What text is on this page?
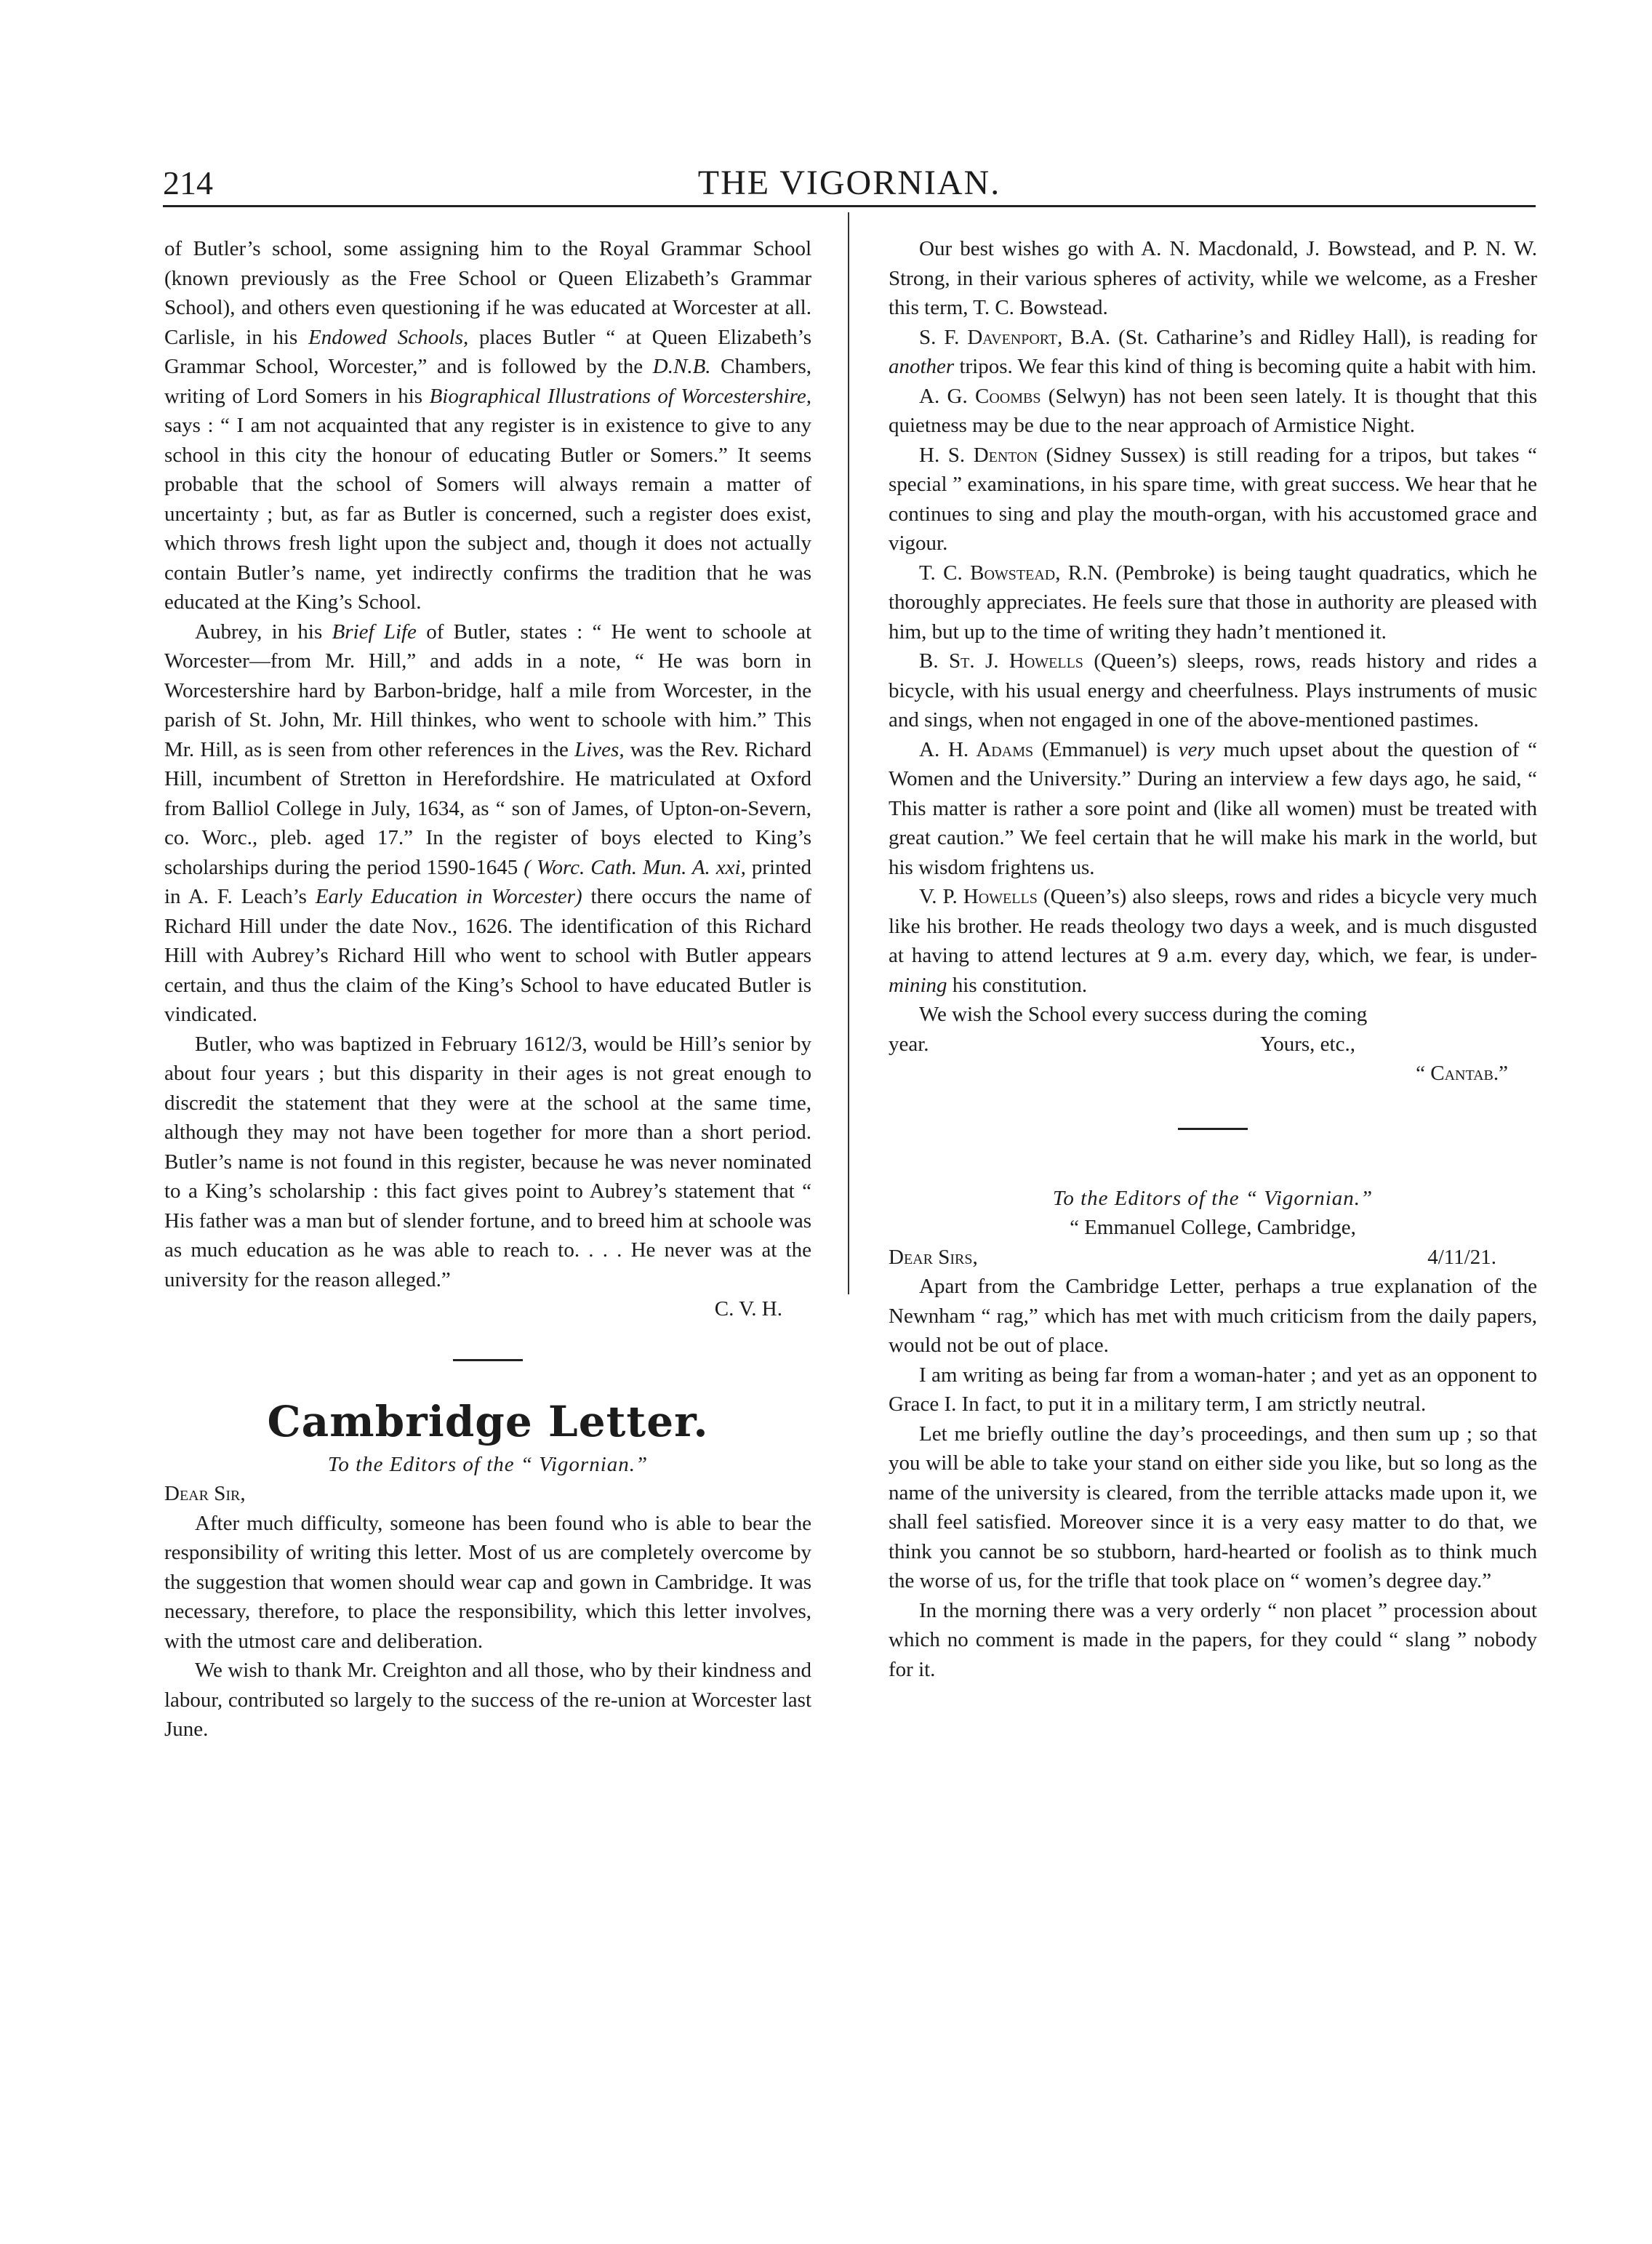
214	THE VIGORNIAN.

of Butler’s school, some assigning him to the Royal Grammar School (known previously as the Free School or Queen Elizabeth’s Grammar School), and others even questioning if he was educated at Worcester at all. Carlisle, in his Endowed Schools, places Butler “ at Queen Elizabeth’s Grammar School, Worcester,” and is followed by the D.N.B. Chambers, writing of Lord Somers in his Biographical Illustrations of Worcestershire, says : “ I am not acquainted that any register is in existence to give to any school in this city the honour of educating Butler or Somers.” It seems probable that the school of Somers will always remain a matter of uncertainty ; but, as far as Butler is concerned, such a register does exist, which throws fresh light upon the subject and, though it does not actually contain Butler’s name, yet indirectly confirms the tradition that he was educated at the King’s School.

Aubrey, in his Brief Life of Butler, states : “ He went to schoole at Worcester—from Mr. Hill,” and adds in a note, “ He was born in Worcestershire hard by Barbon-bridge, half a mile from Worcester, in the parish of St. John, Mr. Hill thinkes, who went to schoole with him.” This Mr. Hill, as is seen from other references in the Lives, was the Rev. Richard Hill, incumbent of Stretton in Herefordshire. He matriculated at Oxford from Balliol College in July, 1634, as “ son of James, of Upton-on-Severn, co. Worc., pleb. aged 17.” In the register of boys elected to King’s scholarships during the period 1590-1645 ( Worc. Cath. Mun. A. xxi, printed in A. F. Leach’s Early Education in Worcester) there occurs the name of Richard Hill under the date Nov., 1626. The identification of this Richard Hill with Aubrey’s Richard Hill who went to school with Butler appears certain, and thus the claim of the King’s School to have educated Butler is vindicated.

Butler, who was baptized in February 1612/3, would be Hill’s senior by about four years ; but this disparity in their ages is not great enough to discredit the statement that they were at the school at the same time, although they may not have been together for more than a short period. Butler’s name is not found in this register, because he was never nominated to a King’s scholarship : this fact gives point to Aubrey’s statement that “ His father was a man but of slender fortune, and to breed him at schoole was as much education as he was able to reach to. . . . He never was at the university for the reason alleged.”

C. V. H.
Cambridge Letter.
To the Editors of the “ Vigornian.”
Dear Sir,

After much difficulty, someone has been found who is able to bear the responsibility of writing this letter. Most of us are completely overcome by the suggestion that women should wear cap and gown in Cambridge. It was necessary, therefore, to place the responsibility, which this letter involves, with the utmost care and deliberation.

We wish to thank Mr. Creighton and all those, who by their kindness and labour, contributed so largely to the success of the re-union at Worcester last June.

Our best wishes go with A. N. Macdonald, J. Bowstead, and P. N. W. Strong, in their various spheres of activity, while we welcome, as a Fresher this term, T. C. Bowstead.

S. F. Davenport, B.A. (St. Catharine’s and Ridley Hall), is reading for another tripos. We fear this kind of thing is becoming quite a habit with him.

A. G. Coombs (Selwyn) has not been seen lately. It is thought that this quietness may be due to the near approach of Armistice Night.

H. S. Denton (Sidney Sussex) is still reading for a tripos, but takes “ special ” examinations, in his spare time, with great success. We hear that he continues to sing and play the mouth-organ, with his accustomed grace and vigour.

T. C. Bowstead, R.N. (Pembroke) is being taught quadratics, which he thoroughly appreciates. He feels sure that those in authority are pleased with him, but up to the time of writing they hadn’t mentioned it.

B. St. J. Howells (Queen’s) sleeps, rows, reads history and rides a bicycle, with his usual energy and cheerfulness. Plays instruments of music and sings, when not engaged in one of the above-mentioned pastimes.

A. H. Adams (Emmanuel) is very much upset about the question of “ Women and the University.” During an interview a few days ago, he said, “ This matter is rather a sore point and (like all women) must be treated with great caution.” We feel certain that he will make his mark in the world, but his wisdom frightens us.

V. P. Howells (Queen’s) also sleeps, rows and rides a bicycle very much like his brother. He reads theology two days a week, and is much disgusted at having to attend lectures at 9 a.m. every day, which, we fear, is under- mining his constitution.

We wish the School every success during the coming

year.	Yours, etc.,
“ Cantab.”
To the Editors of the “ Vigornian.”
“ Emmanuel College, Cambridge,
Dear Sirs,	4/11/21.

Apart from the Cambridge Letter, perhaps a true explanation of the Newnham “ rag,” which has met with much criticism from the daily papers, would not be out of place.

I am writing as being far from a woman-hater ; and yet as an opponent to Grace I. In fact, to put it in a military term, I am strictly neutral.

Let me briefly outline the day’s proceedings, and then sum up ; so that you will be able to take your stand on either side you like, but so long as the name of the university is cleared, from the terrible attacks made upon it, we shall feel satisfied. Moreover since it is a very easy matter to do that, we think you cannot be so stubborn, hard-hearted or foolish as to think much the worse of us, for the trifle that took place on “ women’s degree day.”

In the morning there was a very orderly “ non placet ” procession about which no comment is made in the papers, for they could “ slang ” nobody for it.
